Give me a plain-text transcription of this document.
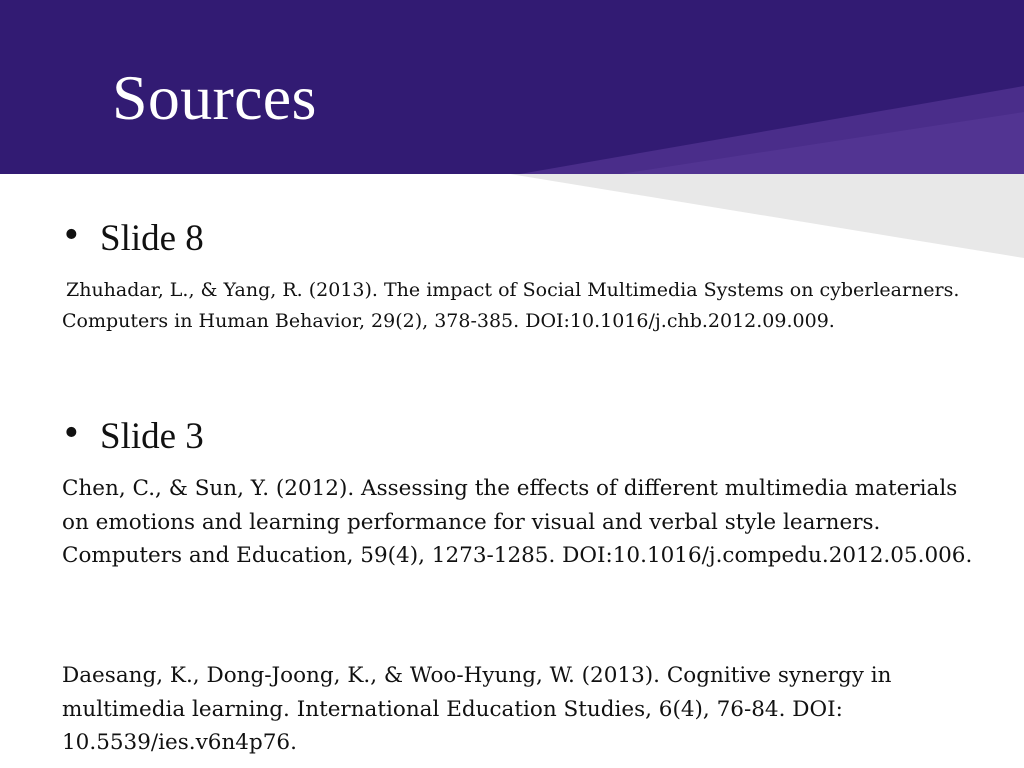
Sources
• Slide 8

Zhuhadar, L., & Yang, R. (2013). The impact of Social Multimedia Systems on cyberlearners. Computers in Human Behavior, 29(2), 378-385. DOI:10.1016/j.chb.2012.09.009.

• Slide 3

Chen, C., & Sun, Y. (2012). Assessing the effects of different multimedia materials on emotions and learning performance for visual and verbal style learners. Computers and Education, 59(4), 1273-1285. DOI:10.1016/j.compedu.2012.05.006.

Daesang, K., Dong-Joong, K., & Woo-Hyung, W. (2013). Cognitive synergy in multimedia learning. International Education Studies, 6(4), 76-84. DOI: 10.5539/ies.v6n4p76.
